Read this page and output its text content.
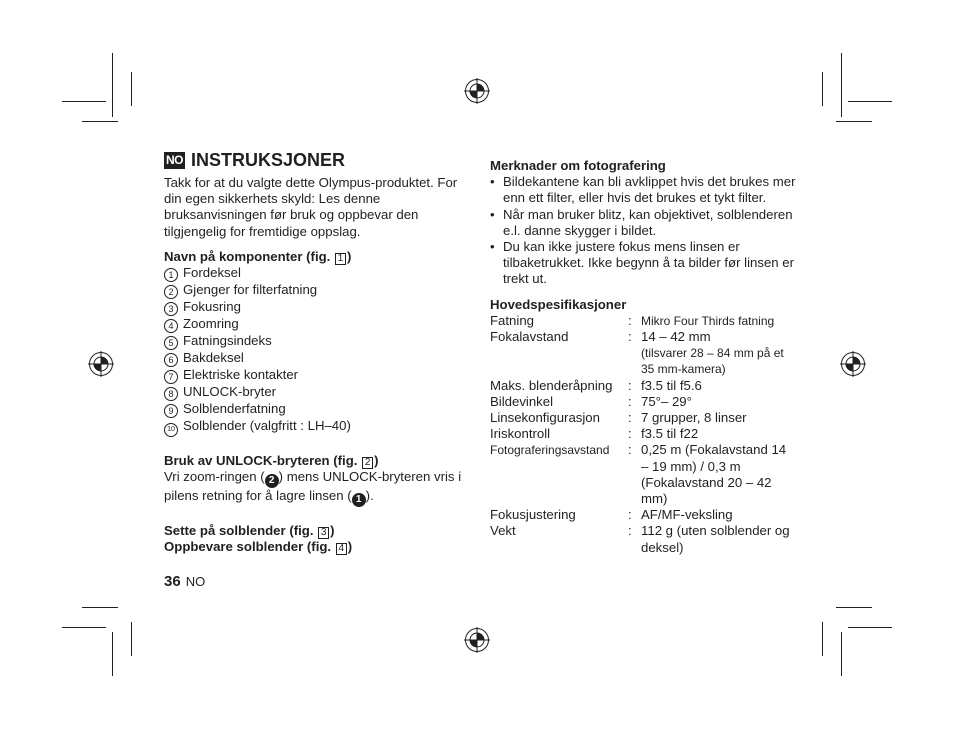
NO INSTRUKSJONER

Takk for at du valgte dette Olympus-produktet. For din egen sikkerhets skyld: Les denne bruksanvisningen før bruk og oppbevar den tilgjengelig for fremtidige oppslag.

Navn på komponenter (fig. 1 )

1 Fordeksel

2 Gjenger for filterfatning

3 Fokusring

4 Zoomring

5 Fatningsindeks

6 Bakdeksel

7 Elektriske kontakter

8 UNLOCK-bryter

9 Solblenderfatning

10 Solblender (valgfritt : LH–40)

Bruk av UNLOCK-bryteren (fig. 2 )

Vri zoom-ringen ( 2 ) mens UNLOCK-bryteren vris i pilens retning for å lagre linsen ( 1 ).

Sette på solblender (fig. 3 )

Oppbevare solblender (fig. 4 )

36 NO

Merknader om fotografering

• Bildekantene kan bli avklippet hvis det brukes mer enn ett filter, eller hvis det brukes et tykt filter.

• Når man bruker blitz, kan objektivet, solblenderen e.l. danne skygger i bildet.

• Du kan ikke justere fokus mens linsen er tilbaketrukket. Ikke begynn å ta bilder før linsen er trekt ut.

Hovedspesifikasjoner

Fatning	: Mikro Four Thirds fatning
Fokalavstand	: 14 – 42 mm
(tilsvarer 28 – 84 mm på et 35 mm-kamera)
Maks. blenderåpning	: f3.5 til f5.6
Bildevinkel	: 75°– 29°
Linsekonfigurasjon	: 7 grupper, 8 linser
Iriskontroll	: f3.5 til f22
Fotograferingsavstand	: 0,25 m (Fokalavstand 14 – 19 mm) / 0,3 m (Fokalavstand 20 – 42 mm)
Fokusjustering	: AF/MF-veksling
Vekt	: 112 g (uten solblender og deksel)
